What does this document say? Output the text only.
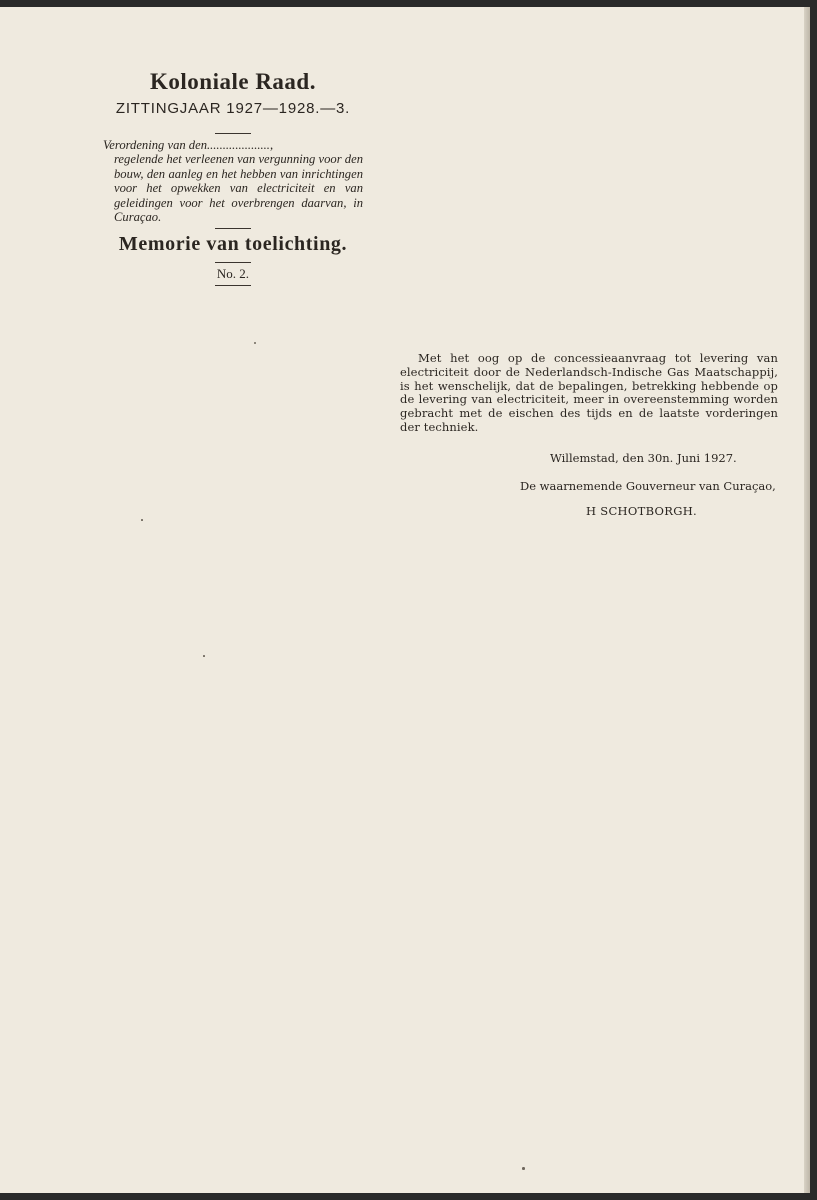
Koloniale Raad.
ZITTINGJAAR 1927—1928.—3.
Verordening van den....................,
regelende het verleenen van vergunning voor den bouw, den aanleg en het hebben van inrichtingen voor het opwekken van electriciteit en van geleidingen voor het overbrengen daarvan, in Curaçao.
Memorie van toelichting.
No. 2.

Met het oog op de concessieaanvraag tot levering van electriciteit door de Nederlandsch-Indische Gas Maatschappij, is het wenschelijk, dat de bepalingen, betrekking hebbende op de levering van electriciteit, meer in overeenstemming worden gebracht met de eischen des tijds en de laatste vorderingen der techniek.

Willemstad, den 30n. Juni 1927.
De waarnemende Gouverneur van Curaçao,
H SCHOTBORGH.
